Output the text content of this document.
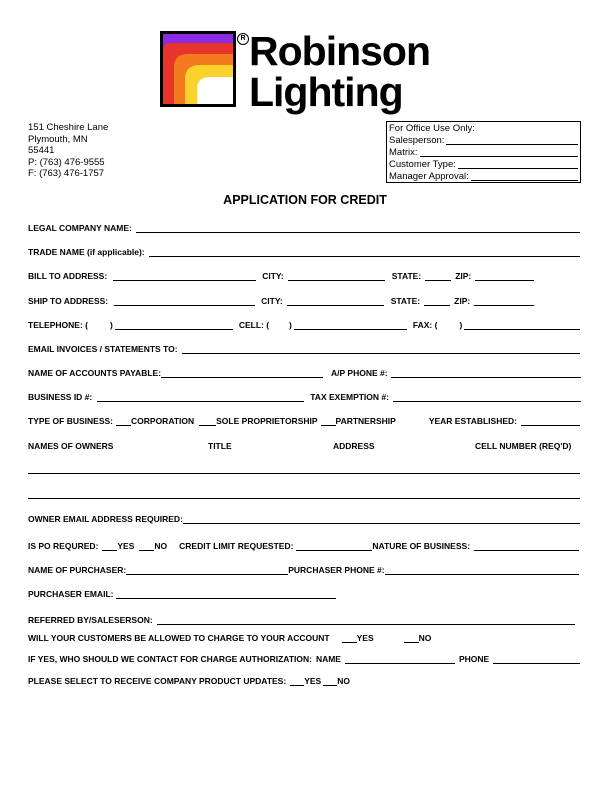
R Robinson
Lighting
151 Cheshire Lane
Plymouth, MN
55441
P: (763) 476-9555
F: (763) 476-1757
For Office Use Only:
Salesperson:
Matrix:
Customer Type:
Manager Approval:
APPLICATION FOR CREDIT
LEGAL COMPANY NAME:
TRADE NAME (if applicable):
BILL TO ADDRESS:	CITY:	STATE:	ZIP:
SHIP TO ADDRESS:	CITY:	STATE:	ZIP:
TELEPHONE: (	)	CELL: ( )	FAX: (	)
EMAIL INVOICES / STATEMENTS TO:
NAME OF ACCOUNTS PAYABLE:	A/P PHONE #:
BUSINESS ID #:	TAX EXEMPTION #:
TYPE OF BUSINESS: CORPORATION	SOLE PROPRIETORSHIP PARTNERSHIP	YEAR ESTABLISHED:
NAMES OF OWNERS	TITLE	ADDRESS	CELL NUMBER (REQ'D)
OWNER EMAIL ADDRESS REQUIRED:
IS PO REQURED: YES NO CREDIT LIMIT REQUESTED:	NATURE OF BUSINESS:
NAME OF PURCHASER:	PURCHASER PHONE #:
PURCHASER EMAIL:
REFERRED BY/SALESERSON:
WILL YOUR CUSTOMERS BE ALLOWED TO CHARGE TO YOUR ACCOUNT	YES	NO
IF YES, WHO SHOULD WE CONTACT FOR CHARGE AUTHORIZATION: NAME	PHONE
PLEASE SELECT TO RECEIVE COMPANY PRODUCT UPDATES: YES NO
